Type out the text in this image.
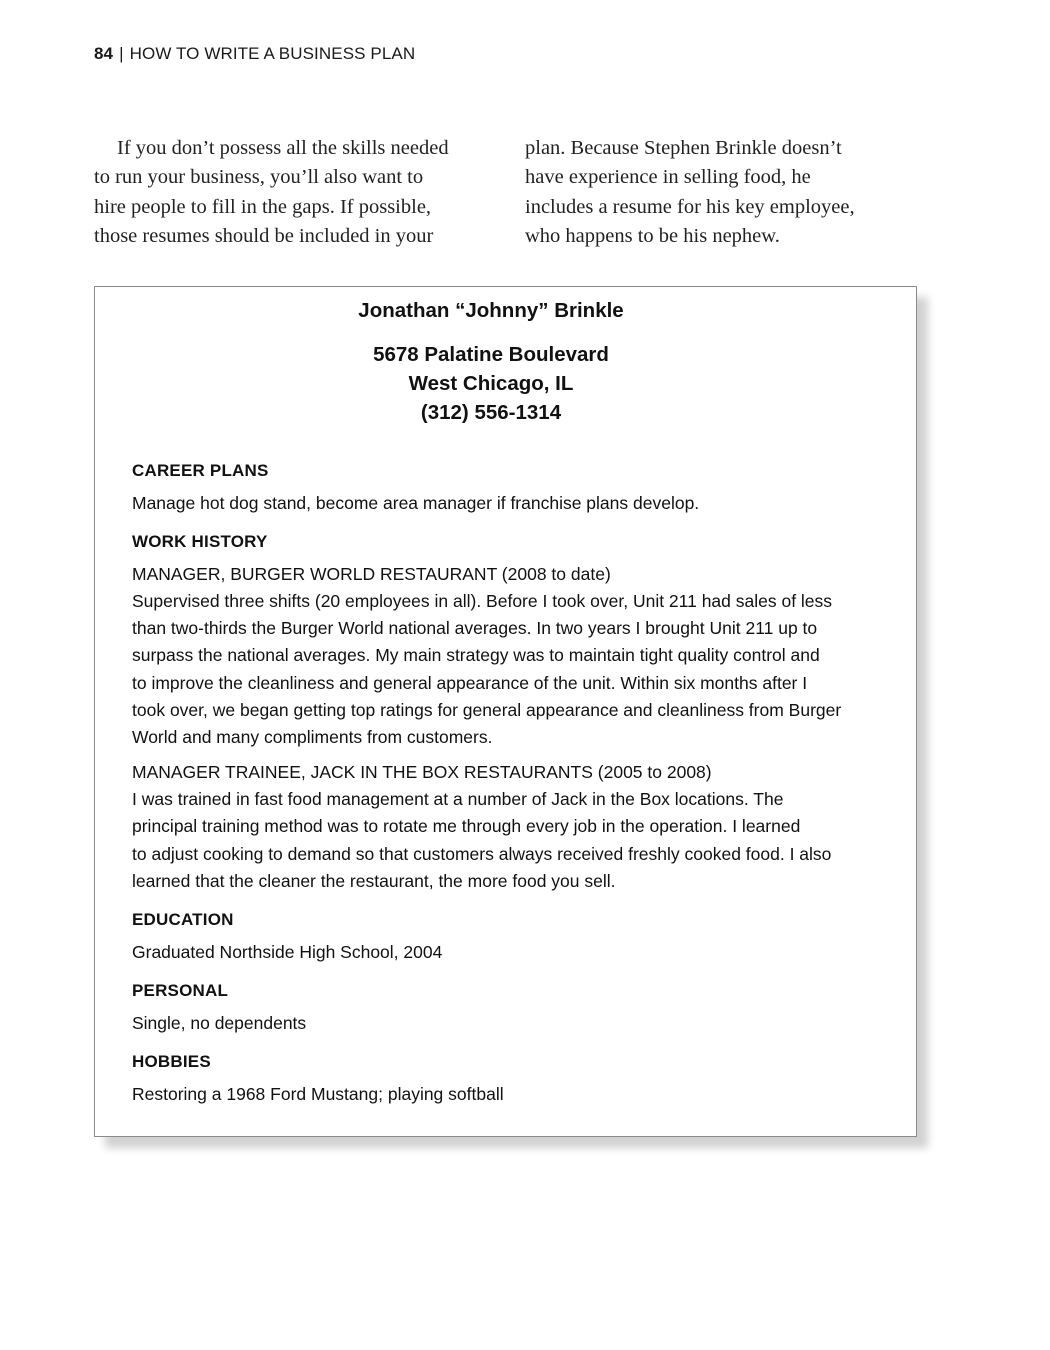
84 | HOW TO WRITE A BUSINESS PLAN
If you don’t possess all the skills needed
to run your business, you’ll also want to
hire people to fill in the gaps. If possible,
those resumes should be included in your
plan. Because Stephen Brinkle doesn’t
have experience in selling food, he
includes a resume for his key employee,
who happens to be his nephew.
Jonathan “Johnny” Brinkle
5678 Palatine Boulevard
West Chicago, IL
(312) 556-1314
CAREER PLANS
Manage hot dog stand, become area manager if franchise plans develop.
WORK HISTORY
MANAGER, BURGER WORLD RESTAURANT (2008 to date)
Supervised three shifts (20 employees in all). Before I took over, Unit 211 had sales of less
than two-thirds the Burger World national averages. In two years I brought Unit 211 up to
surpass the national averages. My main strategy was to maintain tight quality control and
to improve the cleanliness and general appearance of the unit. Within six months after I
took over, we began getting top ratings for general appearance and cleanliness from Burger
World and many compliments from customers.
MANAGER TRAINEE, JACK IN THE BOX RESTAURANTS (2005 to 2008)
I was trained in fast food management at a number of Jack in the Box locations. The
principal training method was to rotate me through every job in the operation. I learned
to adjust cooking to demand so that customers always received freshly cooked food. I also
learned that the cleaner the restaurant, the more food you sell.
EDUCATION
Graduated Northside High School, 2004
PERSONAL
Single, no dependents
HOBBIES
Restoring a 1968 Ford Mustang; playing softball
